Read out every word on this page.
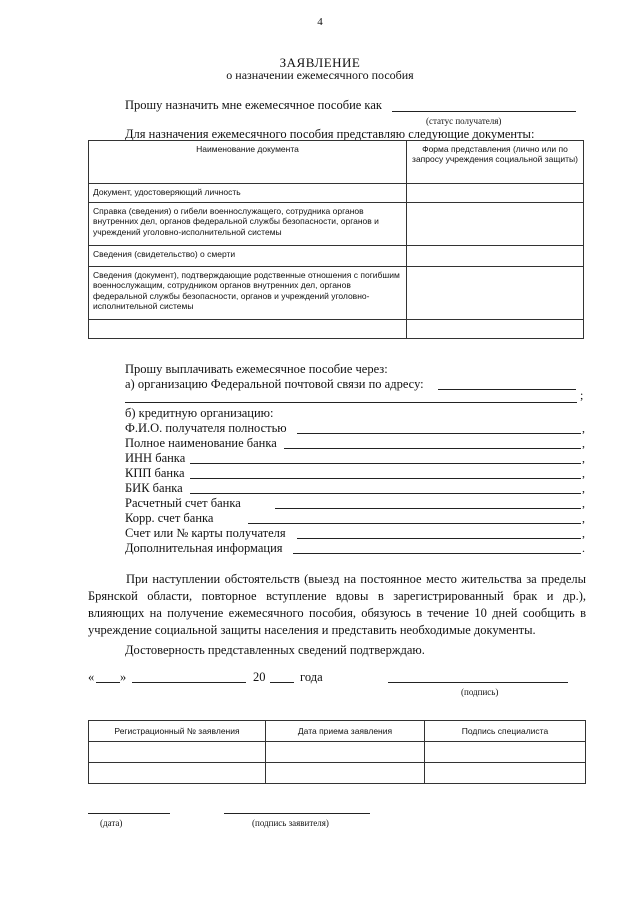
4
ЗАЯВЛЕНИЕ
о назначении ежемесячного пособия
Прошу назначить мне ежемесячное пособие как
(статус получателя)
Для назначения ежемесячного пособия представляю следующие документы:
Наименование документа	Форма представления (лично или по запросу учреждения социальной защиты)
Документ, удостоверяющий личность	
Справка (сведения) о гибели военнослужащего, сотрудника органов внутренних дел, органов федеральной службы безопасности, органов и учреждений уголовно-исполнительной системы	
Сведения (свидетельство) о смерти	
Сведения (документ), подтверждающие родственные отношения с погибшим военнослужащим, сотрудником органов внутренних дел, органов федеральной службы безопасности, органов и учреждений уголовно-исполнительной системы	

Прошу выплачивать ежемесячное пособие через:
а) организацию Федеральной почтовой связи по адресу:
;
б) кредитную организацию:
Ф.И.О. получателя полностью	,
Полное наименование банка	,
ИНН банка	,
КПП банка	,
БИК банка	,
Расчетный счет банка	,
Корр. счет банка	,
Счет или № карты получателя	,
Дополнительная информация	.
При наступлении обстоятельств (выезд на постоянное место жительства за пределы Брянской области, повторное вступление вдовы в зарегистрированный брак и др.), влияющих на получение ежемесячного пособия, обязуюсь в течение 10 дней сообщить в учреждение социальной защиты населения и представить необходимые документы.
Достоверность представленных сведений подтверждаю.
« »	20	года
(подпись)
Регистрационный № заявления	Дата приема заявления	Подпись специалиста

(дата)	(подпись заявителя)
